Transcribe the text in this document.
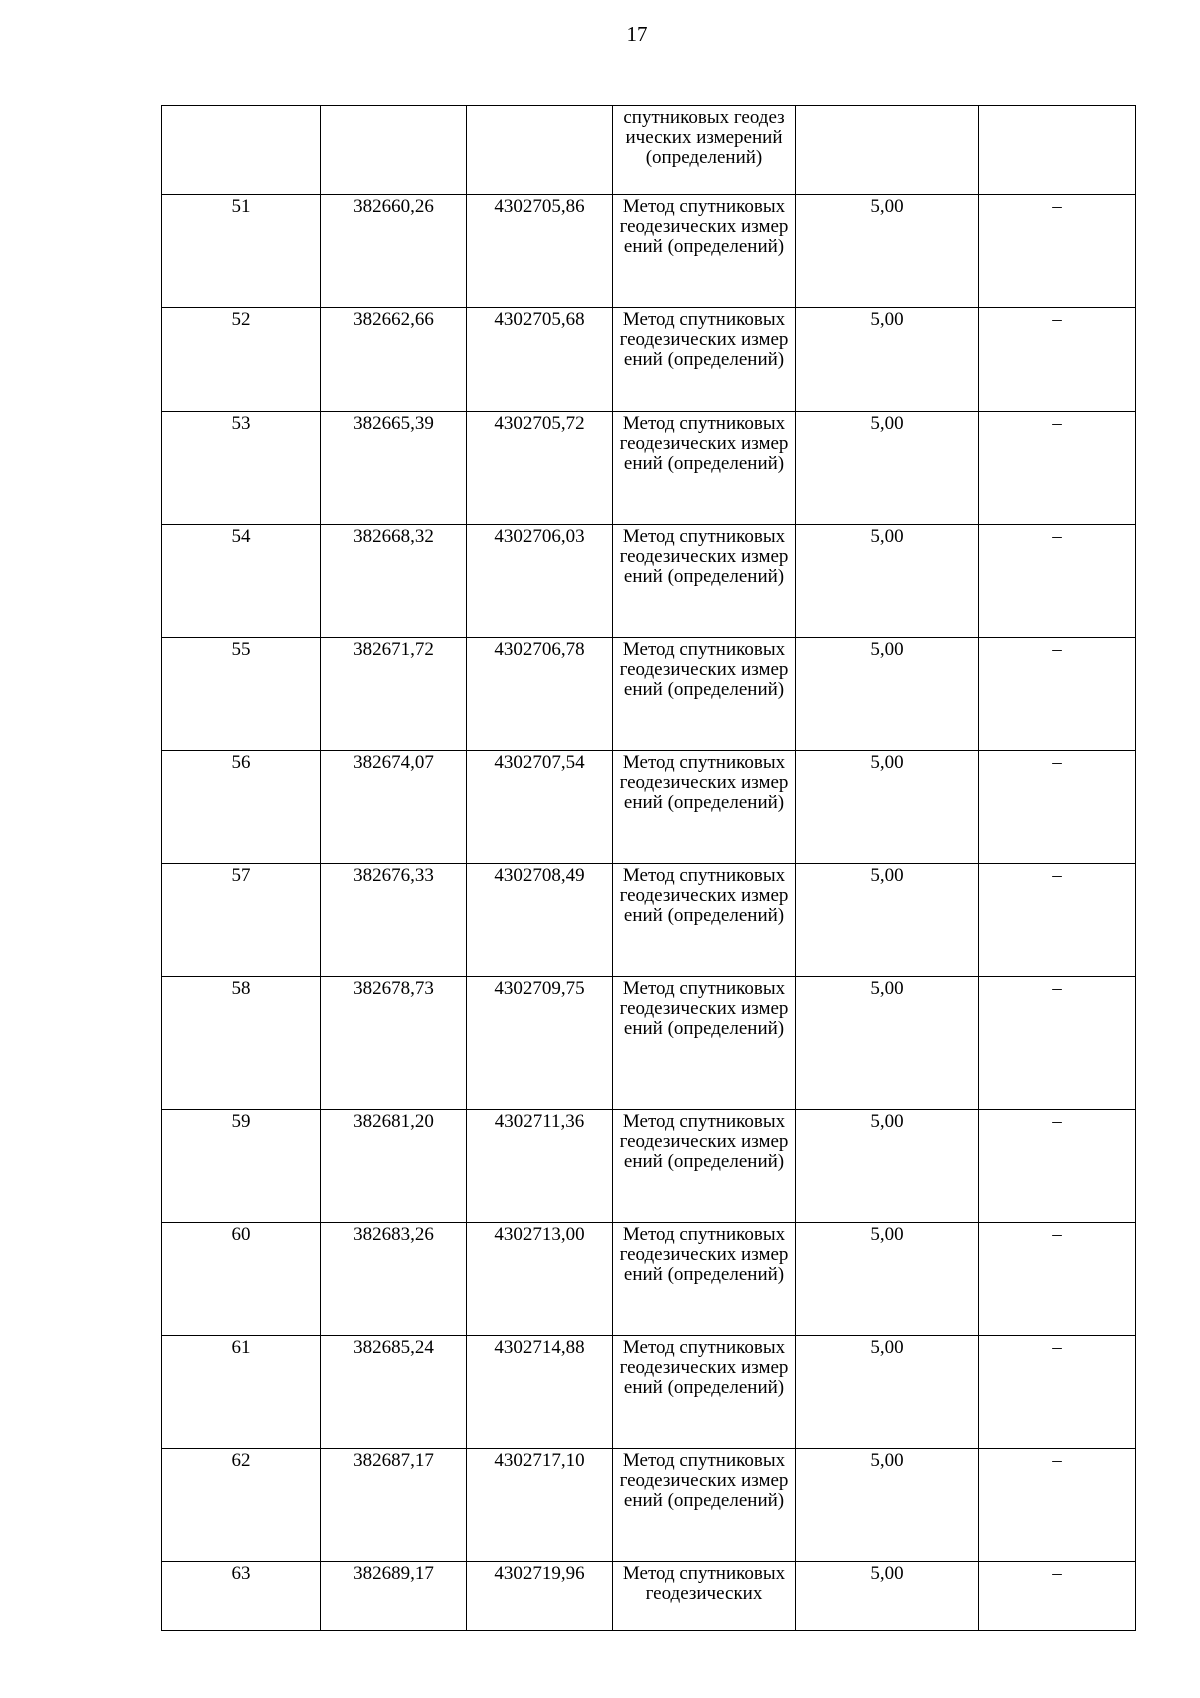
17
			спутниковых геодезических измерений (определений)		
51	382660,26	4302705,86	Метод спутниковых геодезических измерений (определений)	5,00	–
52	382662,66	4302705,68	Метод спутниковых геодезических измерений (определений)	5,00	–
53	382665,39	4302705,72	Метод спутниковых геодезических измерений (определений)	5,00	–
54	382668,32	4302706,03	Метод спутниковых геодезических измерений (определений)	5,00	–
55	382671,72	4302706,78	Метод спутниковых геодезических измерений (определений)	5,00	–
56	382674,07	4302707,54	Метод спутниковых геодезических измерений (определений)	5,00	–
57	382676,33	4302708,49	Метод спутниковых геодезических измерений (определений)	5,00	–
58	382678,73	4302709,75	Метод спутниковых геодезических измерений (определений)	5,00	–
59	382681,20	4302711,36	Метод спутниковых геодезических измерений (определений)	5,00	–
60	382683,26	4302713,00	Метод спутниковых геодезических измерений (определений)	5,00	–
61	382685,24	4302714,88	Метод спутниковых геодезических измерений (определений)	5,00	–
62	382687,17	4302717,10	Метод спутниковых геодезических измерений (определений)	5,00	–
63	382689,17	4302719,96	Метод спутниковых геодезических	5,00	–
